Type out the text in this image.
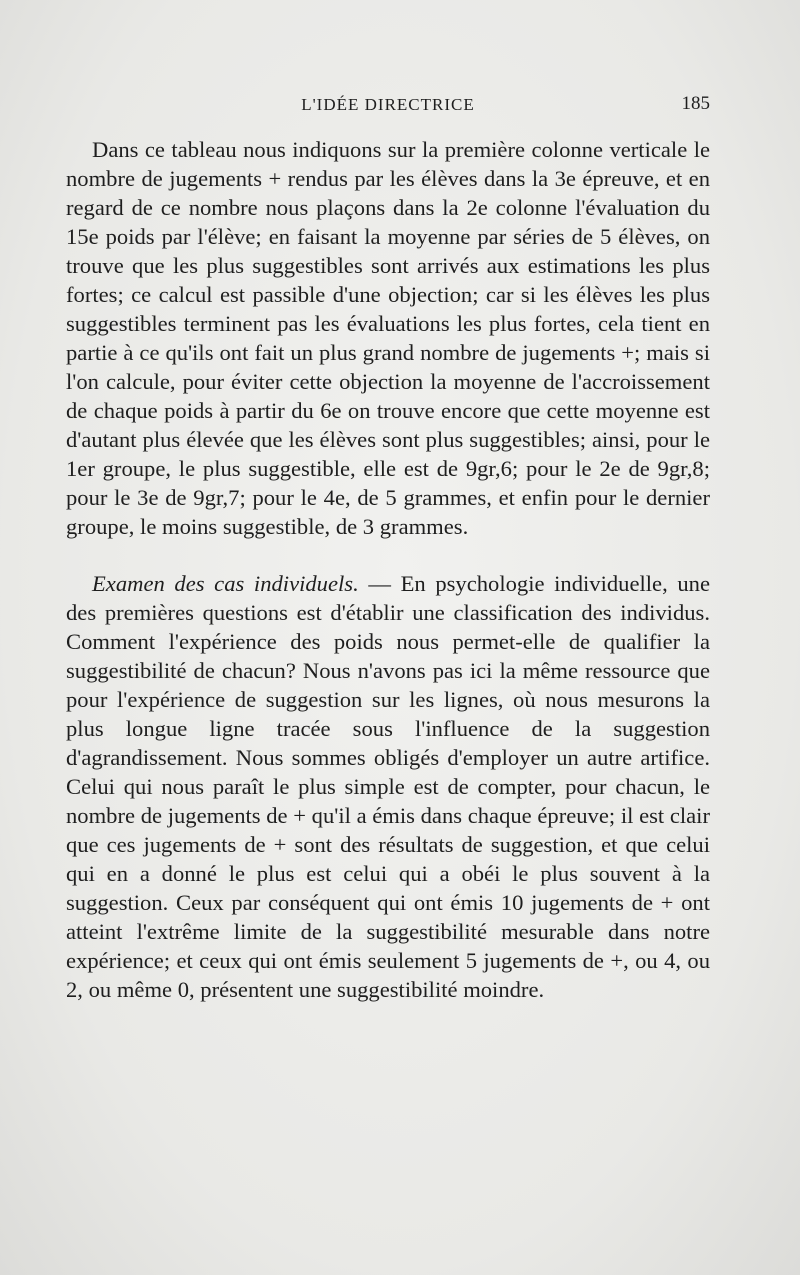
L'IDÉE DIRECTRICE	185

Dans ce tableau nous indiquons sur la première colonne verticale le nombre de jugements + rendus par les élèves dans la 3e épreuve, et en regard de ce nombre nous plaçons dans la 2e colonne l'évaluation du 15e poids par l'élève; en faisant la moyenne par séries de 5 élèves, on trouve que les plus suggestibles sont arrivés aux estimations les plus fortes; ce calcul est passible d'une objection; car si les élèves les plus suggestibles terminent pas les évaluations les plus fortes, cela tient en partie à ce qu'ils ont fait un plus grand nombre de jugements +; mais si l'on calcule, pour éviter cette objection la moyenne de l'accroissement de chaque poids à partir du 6e on trouve encore que cette moyenne est d'autant plus élevée que les élèves sont plus suggestibles; ainsi, pour le 1er groupe, le plus suggestible, elle est de 9gr,6; pour le 2e de 9gr,8; pour le 3e de 9gr,7; pour le 4e, de 5 grammes, et enfin pour le dernier groupe, le moins suggestible, de 3 grammes.

Examen des cas individuels. — En psychologie individuelle, une des premières questions est d'établir une classification des individus. Comment l'expérience des poids nous permet-elle de qualifier la suggestibilité de chacun? Nous n'avons pas ici la même ressource que pour l'expérience de suggestion sur les lignes, où nous mesurons la plus longue ligne tracée sous l'influence de la suggestion d'agrandissement. Nous sommes obligés d'employer un autre artifice. Celui qui nous paraît le plus simple est de compter, pour chacun, le nombre de jugements de + qu'il a émis dans chaque épreuve; il est clair que ces jugements de + sont des résultats de suggestion, et que celui qui en a donné le plus est celui qui a obéi le plus souvent à la suggestion. Ceux par conséquent qui ont émis 10 jugements de + ont atteint l'extrême limite de la suggestibilité mesurable dans notre expérience; et ceux qui ont émis seulement 5 jugements de +, ou 4, ou 2, ou même 0, présentent une suggestibilité moindre.
